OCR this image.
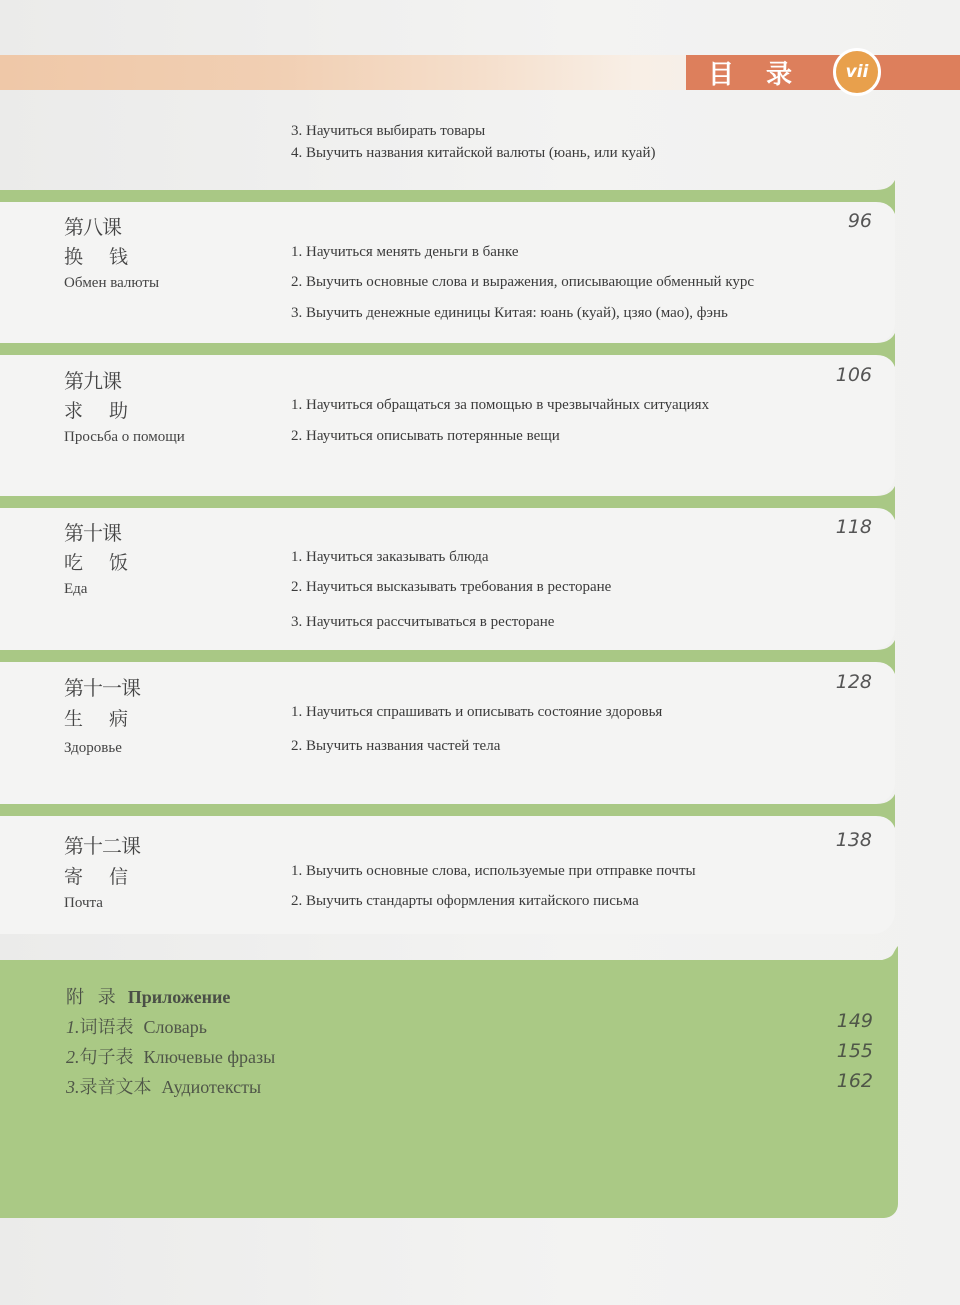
目 录	vii
3. Научиться выбирать товары
4. Выучить названия китайской валюты (юань, или куай)
第八课
换 钱
Обмен валюты
96
1. Научиться менять деньги в банке
2. Выучить основные слова и выражения, описывающие обменный курс
3. Выучить денежные единицы Китая: юань (куай), цзяо (мао), фэнь
第九课
求 助
Просьба о помощи
106
1. Научиться обращаться за помощью в чрезвычайных ситуациях
2. Научиться описывать потерянные вещи
第十课
吃 饭
Еда
118
1. Научиться заказывать блюда
2. Научиться высказывать требования в ресторане
3. Научиться рассчитываться в ресторане
第十一课
生 病
Здоровье
128
1. Научиться спрашивать и описывать состояние здоровья
2. Выучить названия частей тела
第十二课
寄 信
Почта
138
1. Выучить основные слова, используемые при отправке почты
2. Выучить стандарты оформления китайского письма
附 录 Приложение
1.词语表 Словарь	149
2.句子表 Ключевые фразы	155
3.录音文本 Аудиотексты	162
